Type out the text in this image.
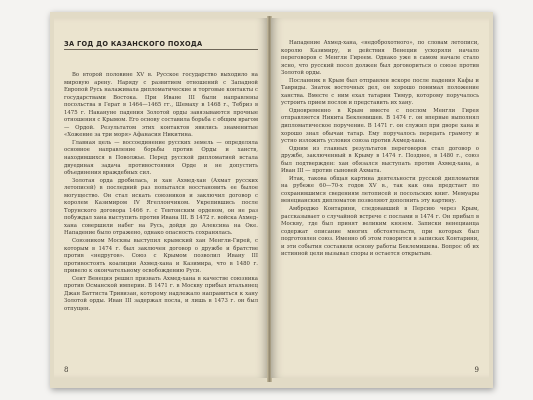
ЗА ГОД ДО КАЗАНСКОГО ПОХОДА

Во второй половине XV в. Русское государство выходило на мировую арену. Наряду с развитием отношений с Западной Европой Русь налаживала дипломатические и торговые контакты с государствами Востока. При Иване III были направлены посольства в Герат в 1464—1465 гг., Шемаху в 1468 г., Тебриз в 1475 г. Накануне падения Золотой орды завязываются прочные отношения с Крымом. Его основу составила борьба с общим врагом — Ордой. Результатом этих контактов явились знаменитые «Хожение за три моря» Афанасия Никитина.

Главная цель — воссоединение русских земель — определяла основное направление борьбы против Орды и ханств, находившихся в Поволжье. Перед русской дипломатией встала двуединая задача противостояния Орде и не допустить объединения враждебных сил.

Золотая орда дробилась, и хан Ахмед-хан (Ахмат русских летописей) в последний раз попытался восстановить ее былое могущество. Он стал искать союзников и заключил договор с королем Казимиром IV Ягеллончиком. Укрепившись после Торунского договора 1466 г. с Тевтонским орденом, он не раз побуждал хана выступить против Ивана III. В 1472 г. войска Ахмед-хана совершили набег на Русь, дойдя до Алексина на Оке. Нападение было отражено, однако опасность сохранялась.

Союзником Москвы выступил крымский хан Менгли-Гирей, с которым в 1474 г. был заключен договор о дружбе и братстве против «недругов». Союз с Крымом позволил Ивану III противостоять коалиции Ахмед-хана и Казимира, что в 1480 г. привело к окончательному освобождению Руси.

Сеит Венеция решил призвать Ахмед-хана в качестве союзника против Османской империи. В 1471 г. в Москву прибыл итальянец Джан Баттиста Тривизан, которому надлежало направиться к хану Золотой орды. Иван III задержал посла, и лишь в 1473 г. он был отпущен.

8

Нападение Ахмед-хана, «недоброхотного», по словам летописи, королю Казимиру, и действия Венеции ускоряли начало переговоров с Менгли Гиреем. Однако уже в самом начале стало ясно, что русский посол должен был договориться о союзе против Золотой орды.

Посланник в Крым был отправлен вскоре после падения Кафы и Тавриды. Знаток восточных дел, он хорошо понимал положение ханства. Вместе с ним ехал татарин Тимур, которому поручалось устроить прием послов и представить их хану.

Одновременно в Крым вместе с послом Менгли Гирея отправляется Никита Беклемишев. В 1474 г. он впервые выполнял дипломатическое поручение. В 1471 г. он служил при дворе хана и хорошо знал обычаи татар. Ему поручалось передать грамоту и устно изложить условия союза против Ахмед-хана.

Одним из главных результатов переговоров стал договор о дружбе, заключенный в Крыму в 1474 г. Позднее, в 1480 г., союз был подтвержден: хан обязался выступать против Ахмед-хана, а Иван III — против сыновей Ахмата.

Итак, такова общая картина деятельности русской дипломатии на рубеже 60—70-х годов XV в., так как она предстает по сохранившимся сведениям летописей и посольских книг. Мемуары венецианских дипломатов позволяют дополнить эту картину.

Амброджо Контарини, следовавший в Персию через Крым, рассказывает о случайной встрече с послами в 1474 г. Он прибыл в Москву, где был принят великим князем. Записки венецианца содержат описание многих обстоятельств, при которых был подготовлен союз. Именно об этом говорится в записках Контарини, и эти события составили основу работы Беклемишева. Вопрос об их истинной цели вызывал споры и остается открытым.

9
